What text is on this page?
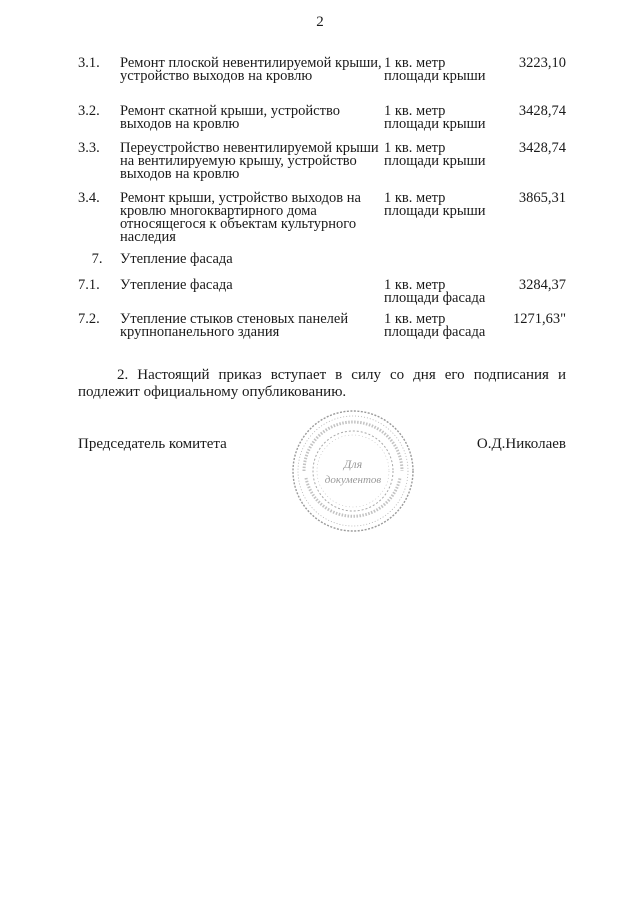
2
3.1.	Ремонт плоской невентилируемой крыши, устройство выходов на кровлю	1 кв. метр площади крыши	3223,10
3.2.	Ремонт скатной крыши, устройство выходов на кровлю	1 кв. метр площади крыши	3428,74
3.3.	Переустройство невентилируемой крыши на вентилируемую крышу, устройство выходов на кровлю	1 кв. метр площади крыши	3428,74
3.4.	Ремонт крыши, устройство выходов на кровлю многоквартирного дома относящегося к объектам культурного наследия	1 кв. метр площади крыши	3865,31
7.	Утепление фасада		
7.1.	Утепление фасада	1 кв. метр площади фасада	3284,37
7.2.	Утепление стыков стеновых панелей крупнопанельного здания	1 кв. метр площади фасада	1271,63"
2. Настоящий приказ вступает в силу со дня его подписания и подлежит официальному опубликованию.
Председатель комитета	О.Д.Николаев
Для
документов
